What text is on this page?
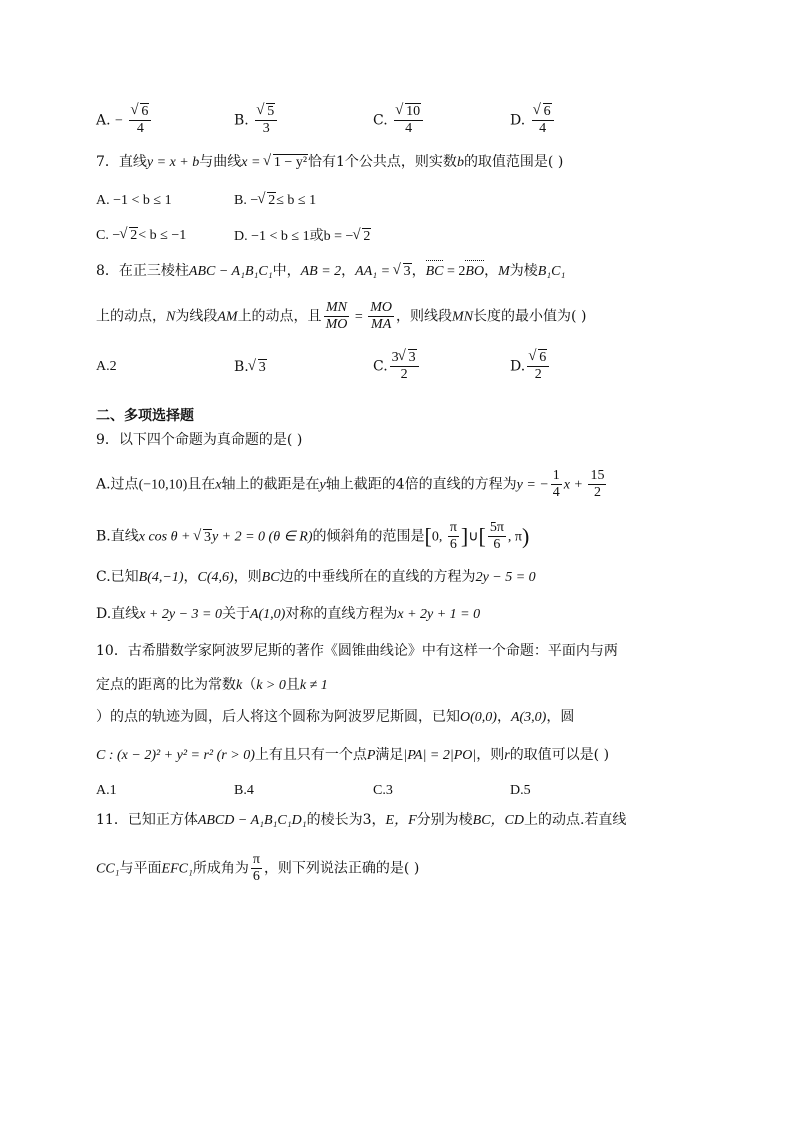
A. − √ $\frac{6}{4}$	B. √ $\frac{5}{3}$	C. √ $\frac{10}{4}$	D. √ $\frac{6}{4}$
7．直线y = x + b与曲线x = √ 1 − y²恰有1个公共点，则实数b的取值范围是( )
A. −1 < b ≤ 1	B. − √ 2≤ b ≤ 1
C. − √ 2< b ≤ −1	D. −1 < b ≤ 1或b = − √ 2
8．在正三棱柱ABC − A₁B₁C₁中，AB = 2，AA₁ = √ 3，BC = 2BO，M为棱B₁C₁
上的动点，N为线段AM上的动点，且 $\frac{MN}{MO} = \frac{MO}{MA}$ ，则线段MN长度的最小值为( )
A.2	B. √ 3	C. $\frac{3 √ 3}{2}$	D. √ $\frac{6}{2}$
二、多项选择题
9．以下四个命题为真命题的是( )
A.过点(−10,10)且在x轴上的截距是在y轴上截距的4倍的直线的方程为y = − $\frac{1}{4}$ $x + \frac{15}{2}$
B.直线x cos θ + √ 3y + 2 = 0 (θ ∈ R)的倾斜角的范围是[0, $\frac{\pi}{6}$ ]∪[ $\frac{5\pi}{6}$ , π)
C.已知B(4,−1)，C(4,6)，则BC边的中垂线所在的直线的方程为2y − 5 = 0
D.直线x + 2y − 3 = 0关于A(1,0)对称的直线方程为x + 2y + 1 = 0
10．古希腊数学家阿波罗尼斯的著作《圆锥曲线论》中有这样一个命题：平面内与两
定点的距离的比为常数k（k > 0且k ≠ 1
）的点的轨迹为圆，后人将这个圆称为阿波罗尼斯圆，已知O(0,0)，A(3,0)，圆
C : (x − 2)² + y² = r² (r > 0)上有且只有一个点P满足|PA| = 2|PO|，则r的取值可以是( )
A.1	B.4	C.3	D.5
11．已知正方体ABCD − A₁B₁C₁D₁的棱长为3，E，F分别为棱BC，CD上的动点.若直线
CC₁与平面EFC₁所成角为 $\frac{\pi}{6}$ ，则下列说法正确的是( )
